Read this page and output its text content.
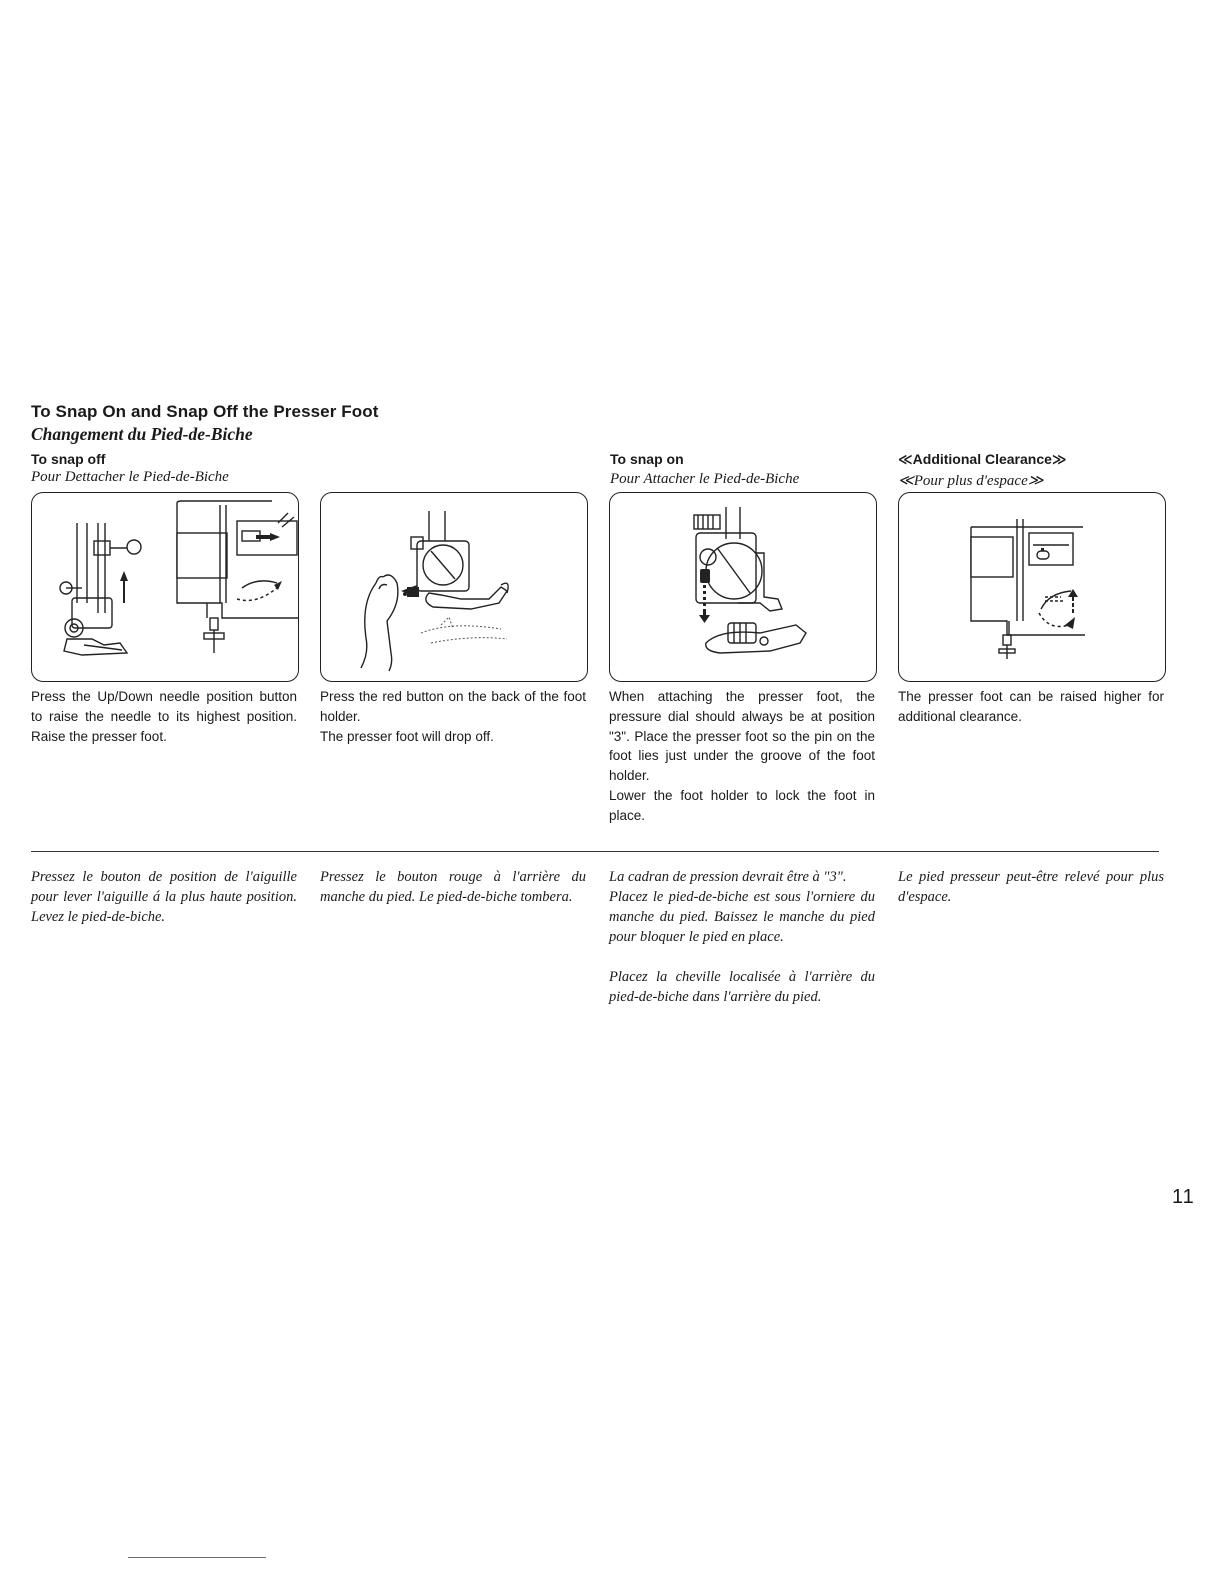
To Snap On and Snap Off the Presser Foot
Changement du Pied-de-Biche
To snap off
Pour Dettacher le Pied-de-Biche
To snap on
Pour Attacher le Pied-de-Biche
≪Additional Clearance≫
≪Pour plus d'espace≫

Press the Up/Down needle position button to raise the needle to its highest position. Raise the presser foot.

Press the red button on the back of the foot holder.

The presser foot will drop off.

When attaching the presser foot, the pressure dial should always be at position "3". Place the presser foot so the pin on the foot lies just under the groove of the foot holder.

Lower the foot holder to lock the foot in place.

The presser foot can be raised higher for additional clearance.

Pressez le bouton de position de l'aiguille pour lever l'aiguille á la plus haute position. Levez le pied-de-biche.

Pressez le bouton rouge à l'arrière du manche du pied. Le pied-de-biche tombera.

La cadran de pression devrait être à "3".

Placez le pied-de-biche est sous l'orniere du manche du pied. Baissez le manche du pied pour bloquer le pied en place.

Placez la cheville localisée à l'arrière du pied-de-biche dans l'arrière du pied.

Le pied presseur peut-être relevé pour plus d'espace.

11
